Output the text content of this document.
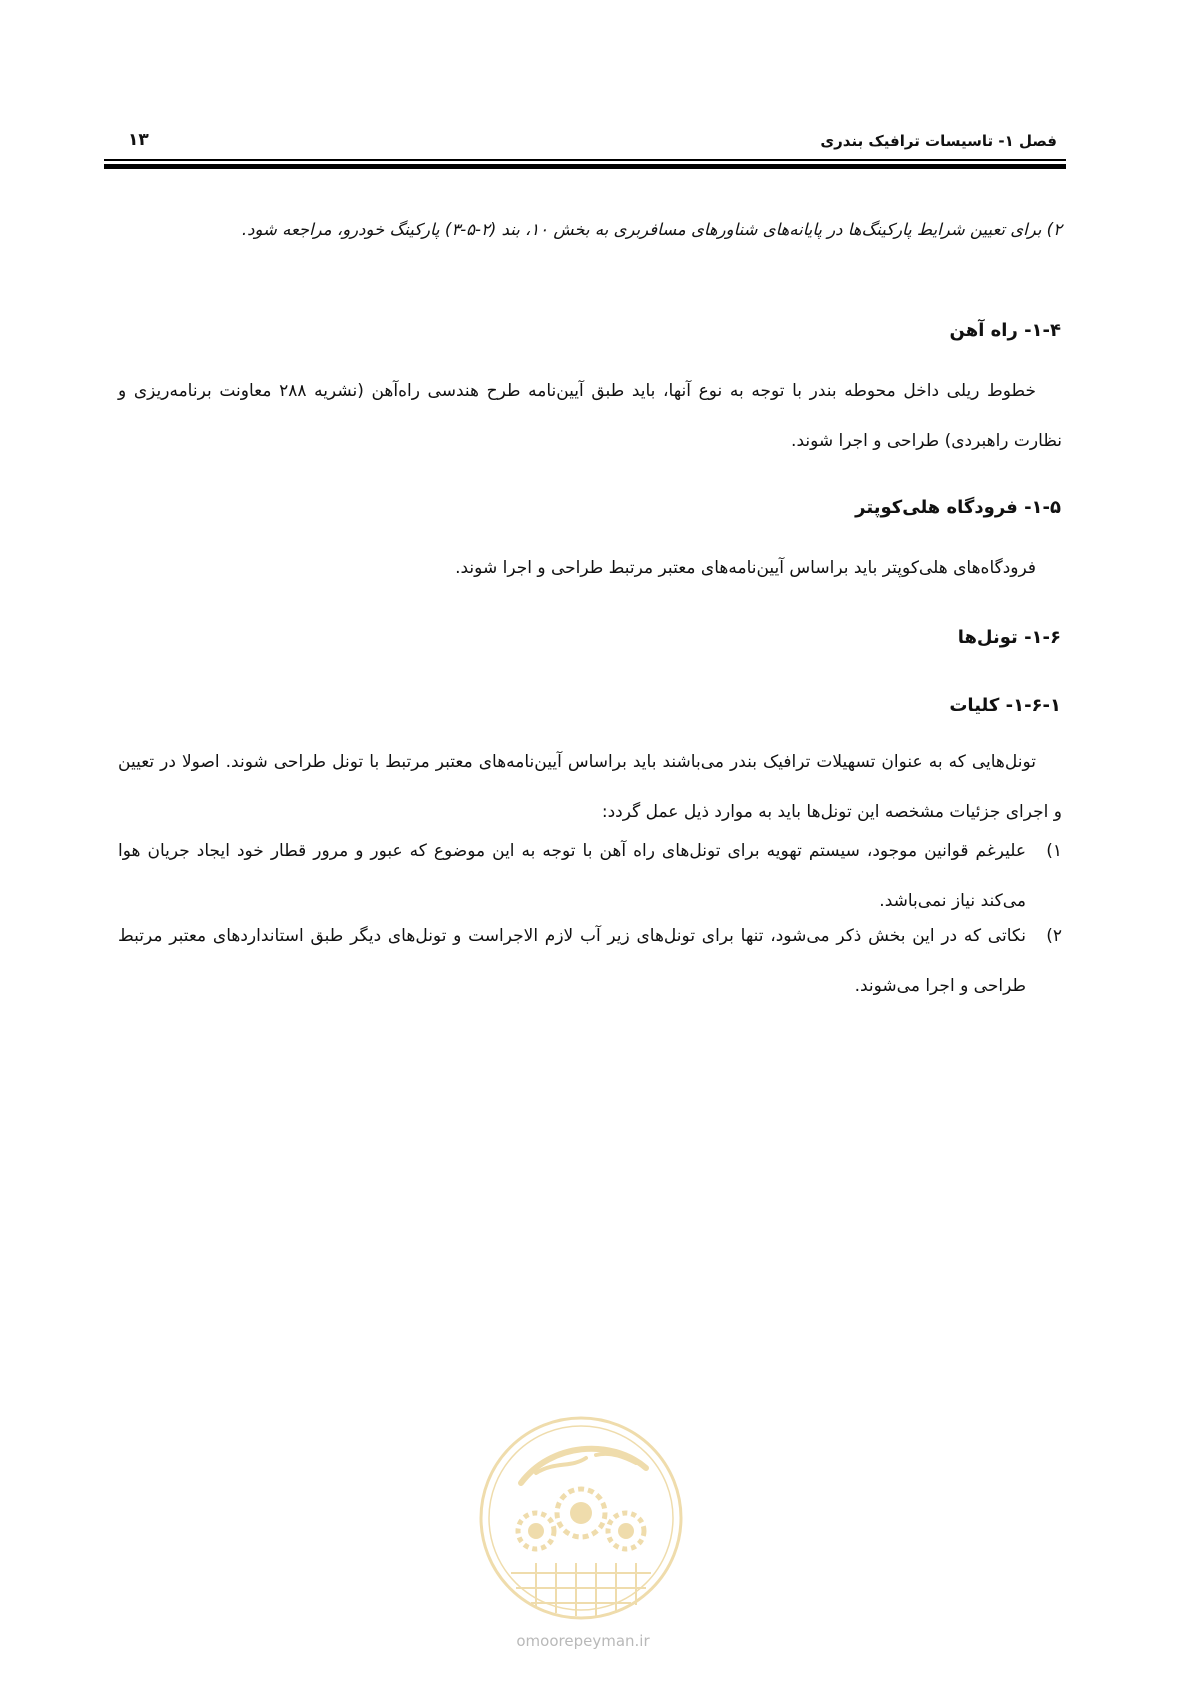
فصل ۱- تاسیسات ترافیک بندری
۱۳
۲) برای تعیین شرایط پارکینگ‌ها در پایانه‌های شناورهای مسافربری به بخش ۱۰، بند (۲-۵-۳) پارکینگ خودرو، مراجعه شود.
۱-۴- راه آهن
خطوط ریلی داخل محوطه بندر با توجه به نوع آنها، باید طبق آیین‌نامه طرح هندسی راه‌آهن (نشریه ۲۸۸ معاونت برنامه‌ریزی و نظارت راهبردی) طراحی و اجرا شوند.
۱-۵- فرودگاه هلی‌کوپتر
فرودگاه‌های هلی‌کوپتر باید براساس آیین‌نامه‌های معتبر مرتبط طراحی و اجرا شوند.
۱-۶- تونل‌ها
۱-۶-۱- کلیات
تونل‌هایی که به عنوان تسهیلات ترافیک بندر می‌باشند باید براساس آیین‌نامه‌های معتبر مرتبط با تونل طراحی شوند. اصولا در تعیین و اجرای جزئیات مشخصه این تونل‌ها باید به موارد ذیل عمل گردد:
۱)
علیرغم قوانین موجود، سیستم تهویه برای تونل‌های راه آهن با توجه به این موضوع که عبور و مرور قطار خود ایجاد جریان هوا می‌کند نیاز نمی‌باشد.
۲)
نکاتی که در این بخش ذکر می‌شود، تنها برای تونل‌های زیر آب لازم الاجراست و تونل‌های دیگر طبق استانداردهای معتبر مرتبط طراحی و اجرا می‌شوند.
omoorepeyman.ir
